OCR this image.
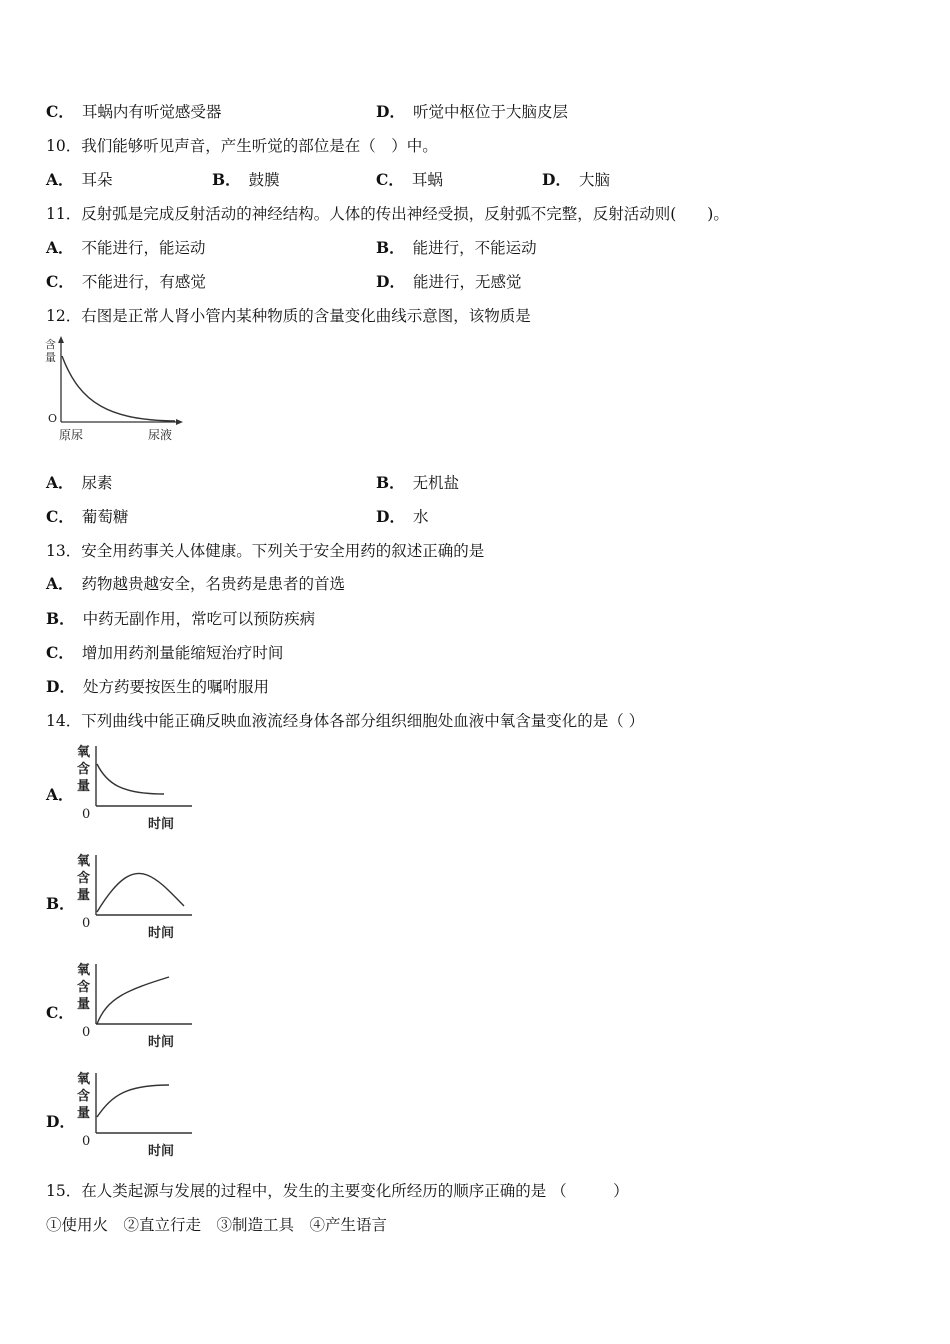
C． 耳蜗内有听觉感受器	D． 听觉中枢位于大脑皮层
10．我们能够听见声音，产生听觉的部位是在（　）中。
A． 耳朵	B． 鼓膜	C． 耳蜗	D． 大脑
11．反射弧是完成反射活动的神经结构。人体的传出神经受损，反射弧不完整，反射活动则(　　)。
A． 不能进行，能运动	B． 能进行，不能运动
C． 不能进行，有感觉	D． 能进行，无感觉
12．右图是正常人肾小管内某种物质的含量变化曲线示意图，该物质是
含
量
O
原尿	尿液
A． 尿素	B． 无机盐
C． 葡萄糖	D． 水
13．安全用药事关人体健康。下列关于安全用药的叙述正确的是
A． 药物越贵越安全，名贵药是患者的首选
B． 中药无副作用，常吃可以预防疾病
C． 增加用药剂量能缩短治疗时间
D． 处方药要按医生的嘱咐服用
14．下列曲线中能正确反映血液流经身体各部分组织细胞处血液中氧含量变化的是（ ）
A．
氧
含
量
0
时间
B．
氧
含
量
0
时间
C．
氧
含
量
0
时间
D．
氧
含
量
0
时间
15．在人类起源与发展的过程中，发生的主要变化所经历的顺序正确的是 （　　　）
①使用火　②直立行走　③制造工具　④产生语言
